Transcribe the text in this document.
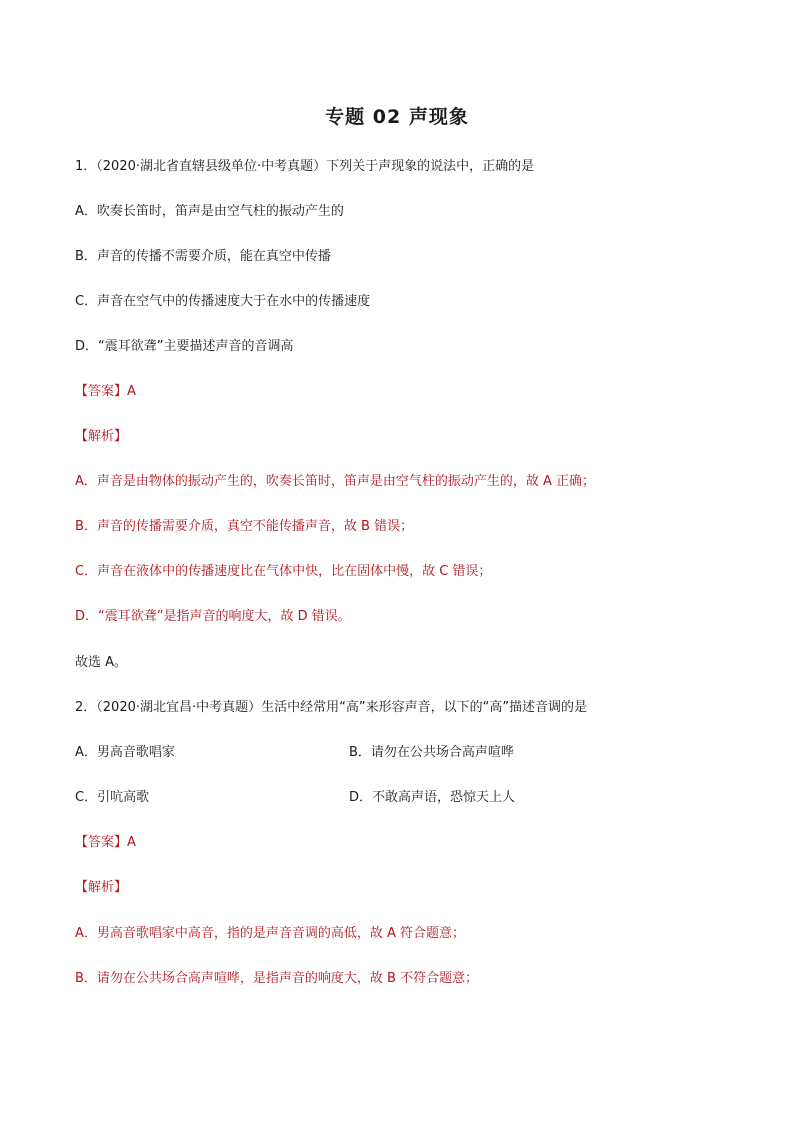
专题 02 声现象
1．（2020·湖北省直辖县级单位·中考真题）下列关于声现象的说法中，正确的是
A．吹奏长笛时，笛声是由空气柱的振动产生的
B．声音的传播不需要介质，能在真空中传播
C．声音在空气中的传播速度大于在水中的传播速度
D．“震耳欲聋”主要描述声音的音调高
【答案】A
【解析】
A．声音是由物体的振动产生的，吹奏长笛时，笛声是由空气柱的振动产生的，故 A 正确；
B．声音的传播需要介质，真空不能传播声音，故 B 错误；
C．声音在液体中的传播速度比在气体中快，比在固体中慢，故 C 错误；
D．“震耳欲聋”是指声音的响度大，故 D 错误。
故选 A。
2．（2020·湖北宜昌·中考真题）生活中经常用“高”来形容声音，以下的“高”描述音调的是
A．男高音歌唱家	B．请勿在公共场合高声喧哗
C．引吭高歌	D．不敢高声语，恐惊天上人
【答案】A
【解析】
A．男高音歌唱家中高音，指的是声音音调的高低，故 A 符合题意；
B．请勿在公共场合高声喧哗，是指声音的响度大，故 B 不符合题意；
